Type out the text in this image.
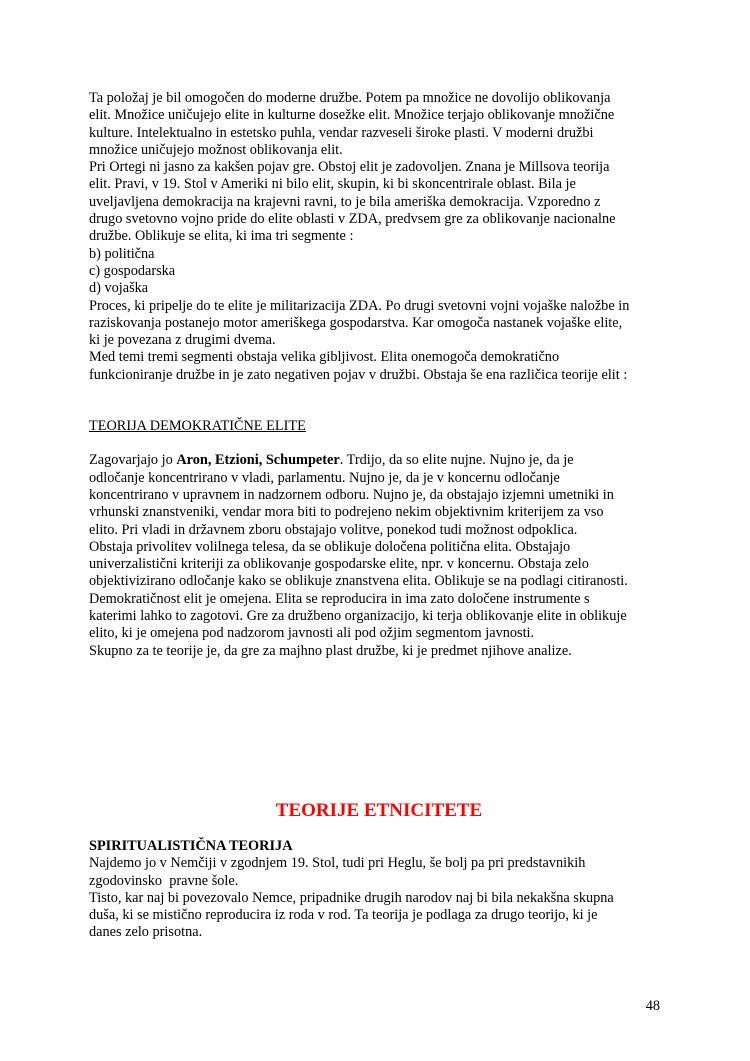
Ta položaj je bil omogočen do moderne družbe. Potem pa množice ne dovolijo oblikovanja
elit. Množice uničujejo elite in kulturne dosežke elit. Množice terjajo oblikovanje množične
kulture. Intelektualno in estetsko puhla, vendar razveseli široke plasti. V moderni družbi
množice uničujejo možnost oblikovanja elit.
Pri Ortegi ni jasno za kakšen pojav gre. Obstoj elit je zadovoljen. Znana je Millsova teorija
elit. Pravi, v 19. Stol v Ameriki ni bilo elit, skupin, ki bi skoncentrirale oblast. Bila je
uveljavljena demokracija na krajevni ravni, to je bila ameriška demokracija. Vzporedno z
drugo svetovno vojno pride do elite oblasti v ZDA, predvsem gre za oblikovanje nacionalne
družbe. Oblikuje se elita, ki ima tri segmente :
b) politična
c) gospodarska
d) vojaška
Proces, ki pripelje do te elite je militarizacija ZDA. Po drugi svetovni vojni vojaške naložbe in
raziskovanja postanejo motor ameriškega gospodarstva. Kar omogoča nastanek vojaške elite,
ki je povezana z drugimi dvema.
Med temi tremi segmenti obstaja velika gibljivost. Elita onemogoča demokratično
funkcioniranje družbe in je zato negativen pojav v družbi. Obstaja še ena različica teorije elit :
TEORIJA DEMOKRATIČNE ELITE
Zagovarjajo jo Aron, Etzioni, Schumpeter. Trdijo, da so elite nujne. Nujno je, da je
odločanje koncentrirano v vladi, parlamentu. Nujno je, da je v koncernu odločanje
koncentrirano v upravnem in nadzornem odboru. Nujno je, da obstajajo izjemni umetniki in
vrhunski znanstveniki, vendar mora biti to podrejeno nekim objektivnim kriterijem za vso
elito. Pri vladi in državnem zboru obstajajo volitve, ponekod tudi možnost odpoklica.
Obstaja privolitev volilnega telesa, da se oblikuje določena politična elita. Obstajajo
univerzalistični kriteriji za oblikovanje gospodarske elite, npr. v koncernu. Obstaja zelo
objektivizirano odločanje kako se oblikuje znanstvena elita. Oblikuje se na podlagi citiranosti.
Demokratičnost elit je omejena. Elita se reproducira in ima zato določene instrumente s
katerimi lahko to zagotovi. Gre za družbeno organizacijo, ki terja oblikovanje elite in oblikuje
elito, ki je omejena pod nadzorom javnosti ali pod ožjim segmentom javnosti.
Skupno za te teorije je, da gre za majhno plast družbe, ki je predmet njihove analize.
TEORIJE ETNICITETE
SPIRITUALISTIČNA TEORIJA
Najdemo jo v Nemčiji v zgodnjem 19. Stol, tudi pri Heglu, še bolj pa pri predstavnikih
zgodovinsko  pravne šole.
Tisto, kar naj bi povezovalo Nemce, pripadnike drugih narodov naj bi bila nekakšna skupna
duša, ki se mistično reproducira iz roda v rod. Ta teorija je podlaga za drugo teorijo, ki je
danes zelo prisotna.
48
